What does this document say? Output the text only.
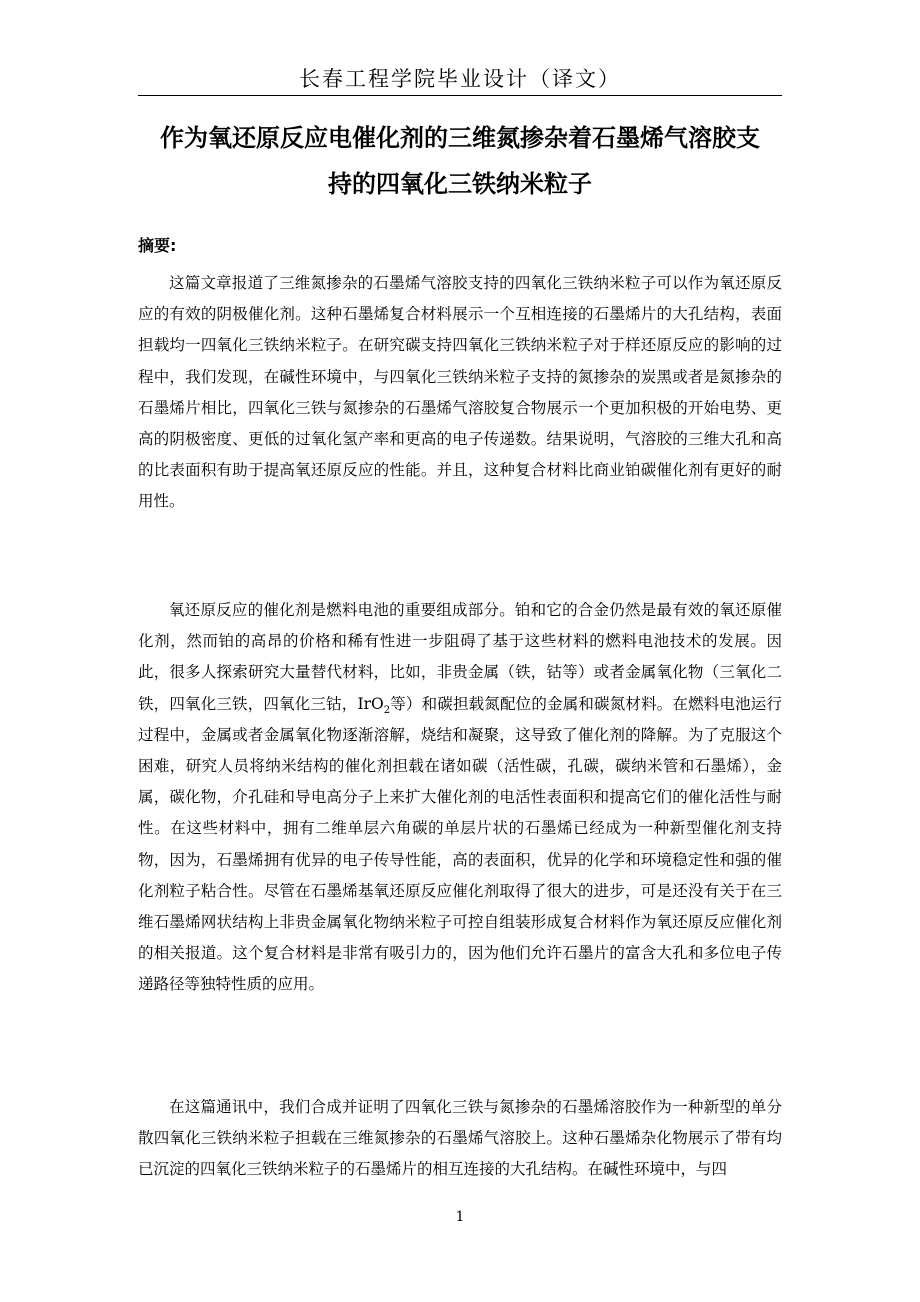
长春工程学院毕业设计（译文）
作为氧还原反应电催化剂的三维氮掺杂着石墨烯气溶胶支
持的四氧化三铁纳米粒子
摘要:

这篇文章报道了三维氮掺杂的石墨烯气溶胶支持的四氧化三铁纳米粒子可以作为氧还原反应的有效的阴极催化剂。这种石墨烯复合材料展示一个互相连接的石墨烯片的大孔结构，表面担载均一四氧化三铁纳米粒子。在研究碳支持四氧化三铁纳米粒子对于样还原反应的影响的过程中，我们发现，在碱性环境中，与四氧化三铁纳米粒子支持的氮掺杂的炭黑或者是氮掺杂的石墨烯片相比，四氧化三铁与氮掺杂的石墨烯气溶胶复合物展示一个更加积极的开始电势、更高的阴极密度、更低的过氧化氢产率和更高的电子传递数。结果说明，气溶胶的三维大孔和高的比表面积有助于提高氧还原反应的性能。并且，这种复合材料比商业铂碳催化剂有更好的耐用性。

氧还原反应的催化剂是燃料电池的重要组成部分。铂和它的合金仍然是最有效的氧还原催化剂，然而铂的高昂的价格和稀有性进一步阻碍了基于这些材料的燃料电池技术的发展。因此，很多人探索研究大量替代材料，比如，非贵金属（铁，钴等）或者金属氧化物（三氧化二铁，四氧化三铁，四氧化三钴，IrO$_2$等）和碳担载氮配位的金属和碳氮材料。在燃料电池运行过程中，金属或者金属氧化物逐渐溶解，烧结和凝聚，这导致了催化剂的降解。为了克服这个困难，研究人员将纳米结构的催化剂担载在诸如碳（活性碳，孔碳，碳纳米管和石墨烯），金属，碳化物，介孔硅和导电高分子上来扩大催化剂的电活性表面积和提高它们的催化活性与耐性。在这些材料中，拥有二维单层六角碳的单层片状的石墨烯已经成为一种新型催化剂支持物，因为，石墨烯拥有优异的电子传导性能，高的表面积，优异的化学和环境稳定性和强的催化剂粒子粘合性。尽管在石墨烯基氧还原反应催化剂取得了很大的进步，可是还没有关于在三维石墨烯网状结构上非贵金属氧化物纳米粒子可控自组装形成复合材料作为氧还原反应催化剂的相关报道。这个复合材料是非常有吸引力的，因为他们允许石墨片的富含大孔和多位电子传递路径等独特性质的应用。

在这篇通讯中，我们合成并证明了四氧化三铁与氮掺杂的石墨烯溶胶作为一种新型的单分散四氧化三铁纳米粒子担载在三维氮掺杂的石墨烯气溶胶上。这种石墨烯杂化物展示了带有均已沉淀的四氧化三铁纳米粒子的石墨烯片的相互连接的大孔结构。在碱性环境中，与四

1
